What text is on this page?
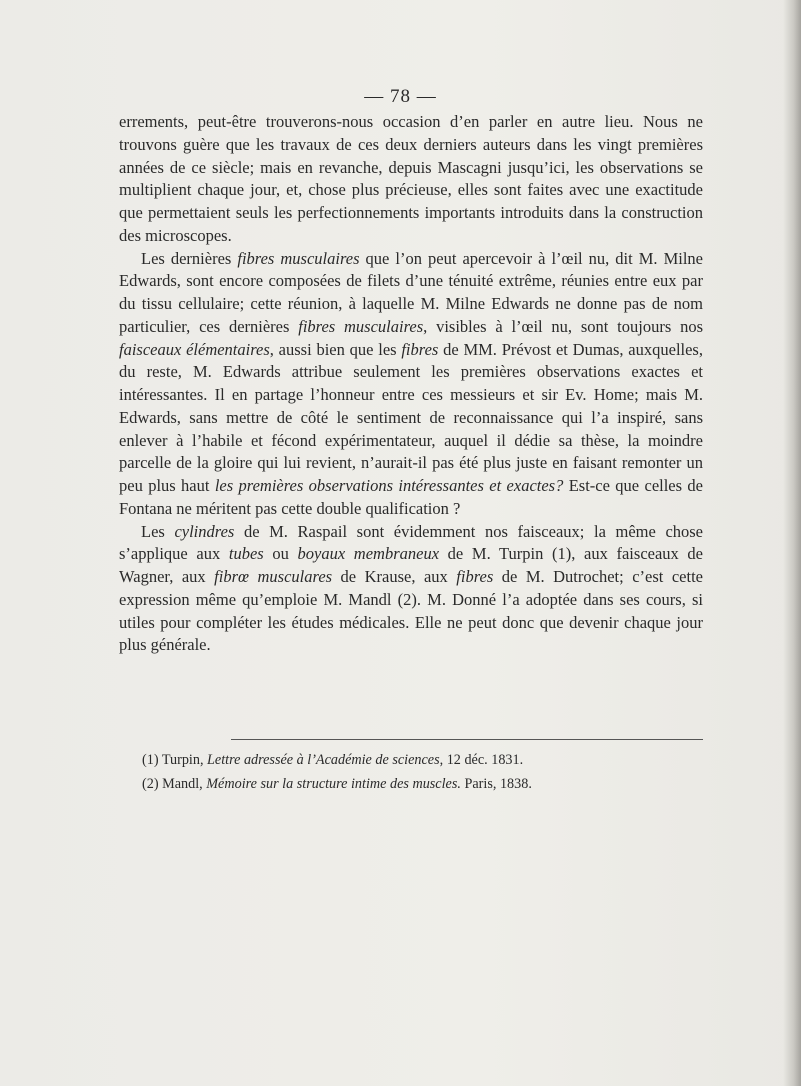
— 78 —

errements, peut-être trouverons-nous occasion d’en parler en autre lieu. Nous ne trouvons guère que les travaux de ces deux derniers auteurs dans les vingt premières années de ce siècle; mais en revanche, depuis Mascagni jusqu’ici, les observations se multiplient chaque jour, et, chose plus précieuse, elles sont faites avec une exactitude que permettaient seuls les perfectionnements importants introduits dans la construction des microscopes.

Les dernières fibres musculaires que l’on peut apercevoir à l’œil nu, dit M. Milne Edwards, sont encore composées de filets d’une ténuité extrême, réunies entre eux par du tissu cellulaire; cette réunion, à laquelle M. Milne Edwards ne donne pas de nom particulier, ces dernières fibres musculaires, visibles à l’œil nu, sont toujours nos faisceaux élémentaires, aussi bien que les fibres de MM. Prévost et Dumas, auxquelles, du reste, M. Edwards attribue seulement les premières observations exactes et intéressantes. Il en partage l’honneur entre ces messieurs et sir Ev. Home; mais M. Edwards, sans mettre de côté le sentiment de reconnaissance qui l’a inspiré, sans enlever à l’habile et fécond expérimentateur, auquel il dédie sa thèse, la moindre parcelle de la gloire qui lui revient, n’aurait-il pas été plus juste en faisant remonter un peu plus haut les premières observations intéressantes et exactes? Est-ce que celles de Fontana ne méritent pas cette double qualification ?

Les cylindres de M. Raspail sont évidemment nos faisceaux; la même chose s’applique aux tubes ou boyaux membraneux de M. Turpin (1), aux faisceaux de Wagner, aux fibrœ musculares de Krause, aux fibres de M. Dutrochet; c’est cette expression même qu’emploie M. Mandl (2). M. Donné l’a adoptée dans ses cours, si utiles pour compléter les études médicales. Elle ne peut donc que devenir chaque jour plus générale.

(1) Turpin, Lettre adressée à l’Académie de sciences, 12 déc. 1831.
(2) Mandl, Mémoire sur la structure intime des muscles. Paris, 1838.
